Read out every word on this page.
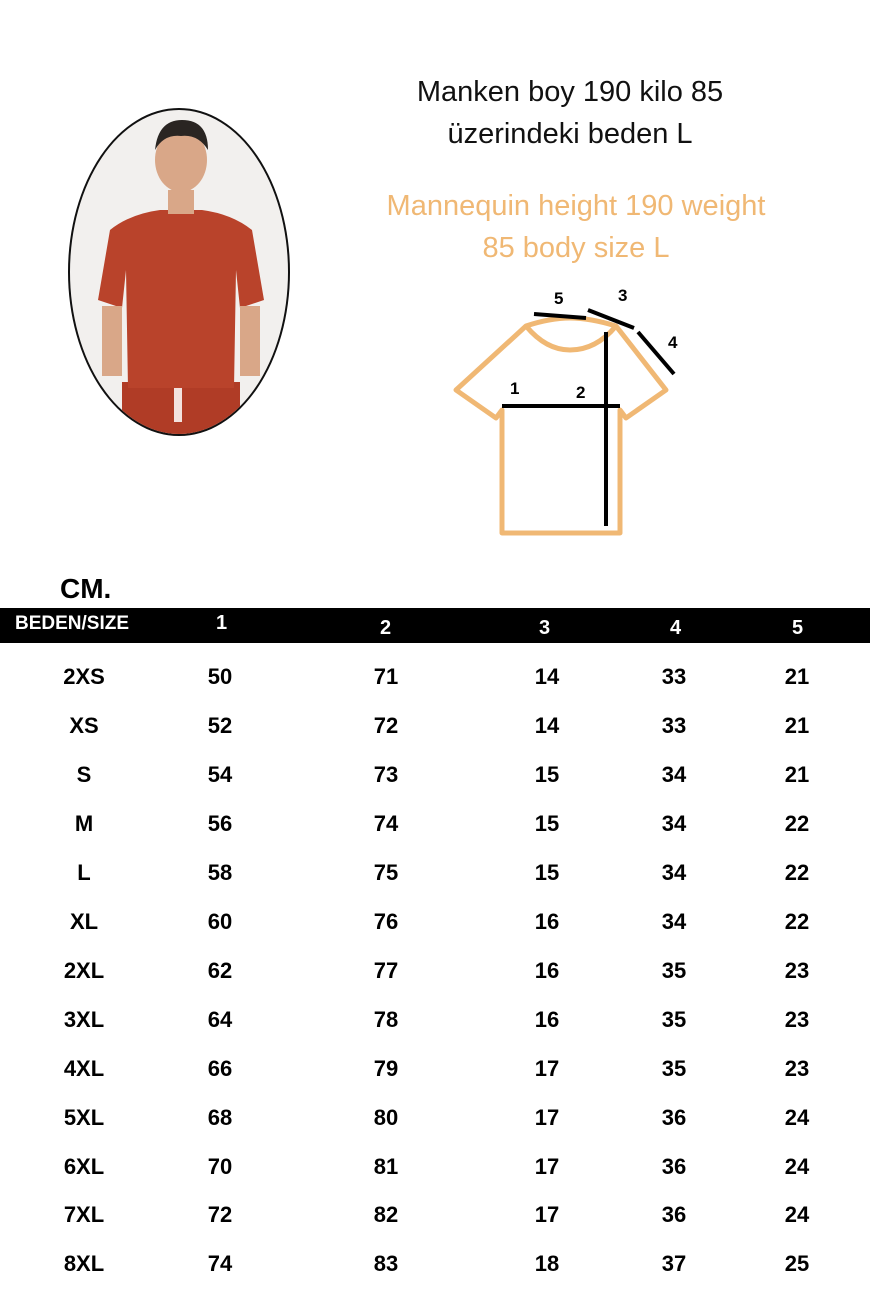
Manken boy 190 kilo 85
üzerindeki beden L
Mannequin height 190 weight
85 body size L
1	2
3
4
5
CM.
BEDEN/SIZE	1	2	3	4	5
2XS	50	71	14	33	21
XS	52	72	14	33	21
S	54	73	15	34	21
M	56	74	15	34	22
L	58	75	15	34	22
XL	60	76	16	34	22
2XL	62	77	16	35	23
3XL	64	78	16	35	23
4XL	66	79	17	35	23
5XL	68	80	17	36	24
6XL	70	81	17	36	24
7XL	72	82	17	36	24
8XL	74	83	18	37	25
